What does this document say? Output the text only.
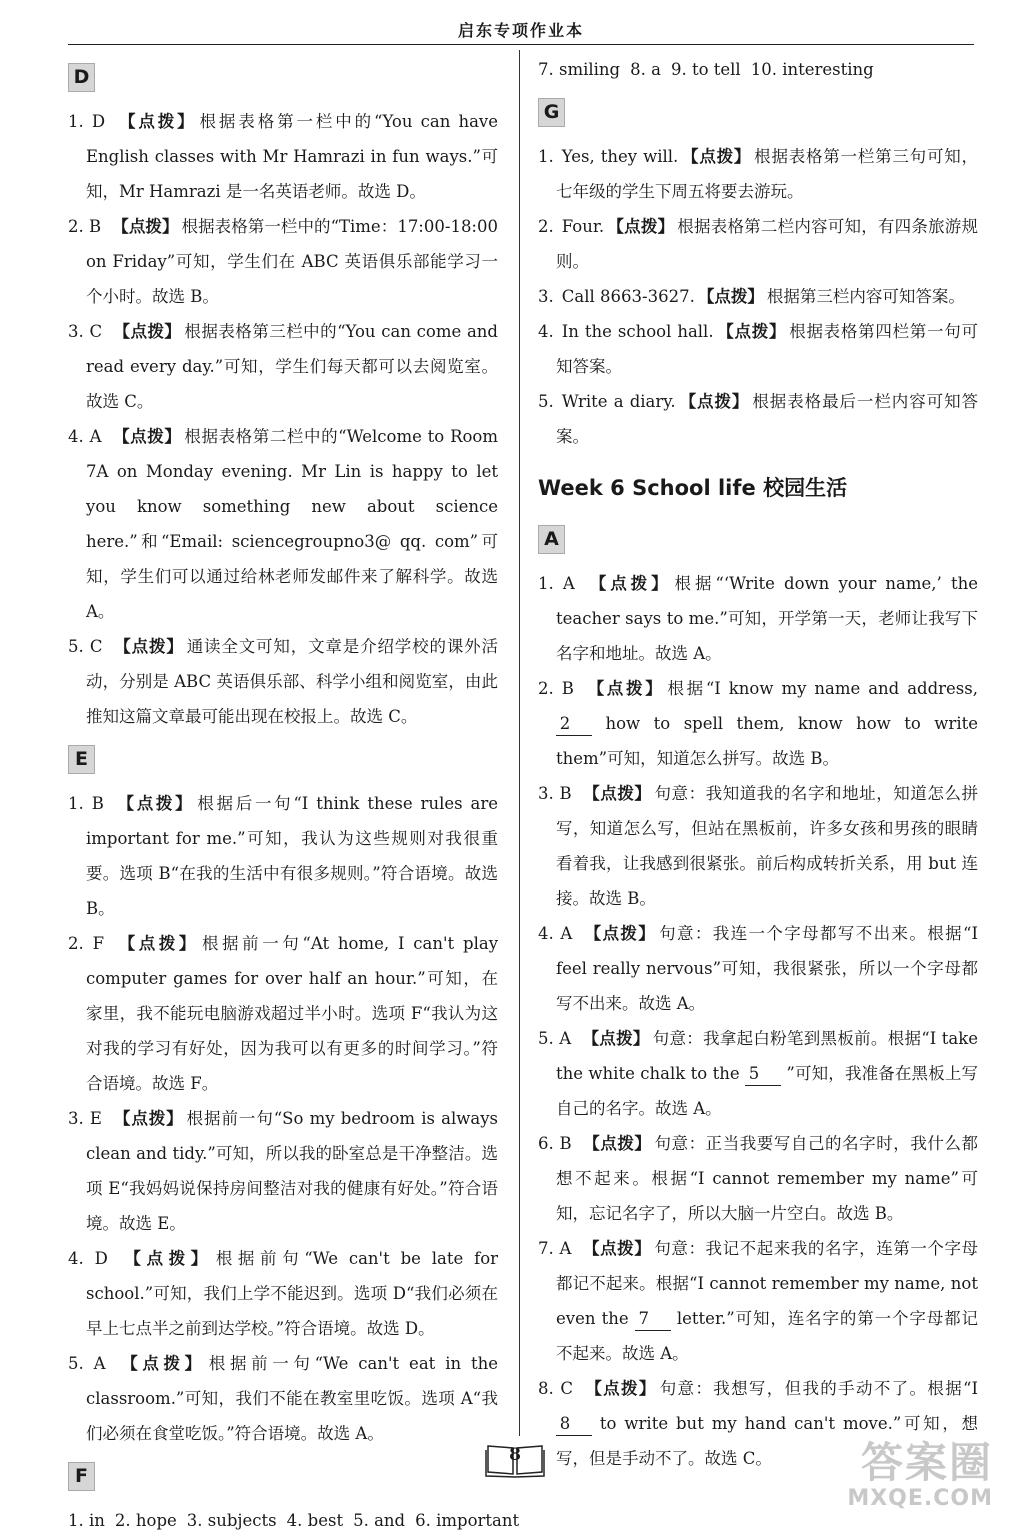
启东专项作业本
D

1. D 【点拨】 根据表格第一栏中的“You can have English classes with Mr Hamrazi in fun ways.”可知，Mr Hamrazi 是一名英语老师。故选 D。

2. B 【点拨】 根据表格第一栏中的“Time：17:00-18:00 on Friday”可知，学生们在 ABC 英语俱乐部能学习一个小时。故选 B。

3. C 【点拨】 根据表格第三栏中的“You can come and read every day.”可知，学生们每天都可以去阅览室。故选 C。

4. A 【点拨】 根据表格第二栏中的“Welcome to Room 7A on Monday evening. Mr Lin is happy to let you know something new about science here.”和“Email: sciencegroupno3@ qq. com”可知，学生们可以通过给林老师发邮件来了解科学。故选 A。

5. C 【点拨】 通读全文可知，文章是介绍学校的课外活动，分别是 ABC 英语俱乐部、科学小组和阅览室，由此推知这篇文章最可能出现在校报上。故选 C。

E

1. B 【点拨】 根据后一句“I think these rules are important for me.”可知，我认为这些规则对我很重要。选项 B“在我的生活中有很多规则。”符合语境。故选 B。

2. F 【点拨】 根据前一句“At home, I can't play computer games for over half an hour.”可知，在家里，我不能玩电脑游戏超过半小时。选项 F“我认为这对我的学习有好处，因为我可以有更多的时间学习。”符合语境。故选 F。

3. E 【点拨】 根据前一句“So my bedroom is always clean and tidy.”可知，所以我的卧室总是干净整洁。选项 E“我妈妈说保持房间整洁对我的健康有好处。”符合语境。故选 E。

4. D 【点拨】 根据前句“We can't be late for school.”可知，我们上学不能迟到。选项 D“我们必须在早上七点半之前到达学校。”符合语境。故选 D。

5. A 【点拨】 根据前一句“We can't eat in the classroom.”可知，我们不能在教室里吃饭。选项 A“我们必须在食堂吃饭。”符合语境。故选 A。

F

1. in 2. hope 3. subjects 4. best 5. and 6. important

7. smiling 8. a 9. to tell 10. interesting

G

1. Yes, they will. 【点拨】 根据表格第一栏第三句可知，七年级的学生下周五将要去游玩。

2. Four. 【点拨】 根据表格第二栏内容可知，有四条旅游规则。

3. Call 8663-3627. 【点拨】 根据第三栏内容可知答案。

4. In the school hall. 【点拨】 根据表格第四栏第一句可知答案。

5. Write a diary. 【点拨】 根据表格最后一栏内容可知答案。

Week 6 School life 校园生活
A

1. A 【点拨】 根据“‘Write down your name,’ the teacher says to me.”可知，开学第一天，老师让我写下名字和地址。故选 A。

2. B 【点拨】 根据“I know my name and address, 2 how to spell them, know how to write them”可知，知道怎么拼写。故选 B。

3. B 【点拨】 句意：我知道我的名字和地址，知道怎么拼写，知道怎么写，但站在黑板前，许多女孩和男孩的眼睛看着我，让我感到很紧张。前后构成转折关系，用 but 连接。故选 B。

4. A 【点拨】 句意：我连一个字母都写不出来。根据“I feel really nervous”可知，我很紧张，所以一个字母都写不出来。故选 A。

5. A 【点拨】 句意：我拿起白粉笔到黑板前。根据“I take the white chalk to the 5 ”可知，我准备在黑板上写自己的名字。故选 A。

6. B 【点拨】 句意：正当我要写自己的名字时，我什么都想不起来。根据“I cannot remember my name”可知，忘记名字了，所以大脑一片空白。故选 B。

7. A 【点拨】 句意：我记不起来我的名字，连第一个字母都记不起来。根据“I cannot remember my name, not even the 7 letter.”可知，连名字的第一个字母都记不起来。故选 A。

8. C 【点拨】 句意：我想写，但我的手动不了。根据“I 8 to write but my hand can't move.”可知，想写，但是手动不了。故选 C。

8	答案圈
MXQE.COM
